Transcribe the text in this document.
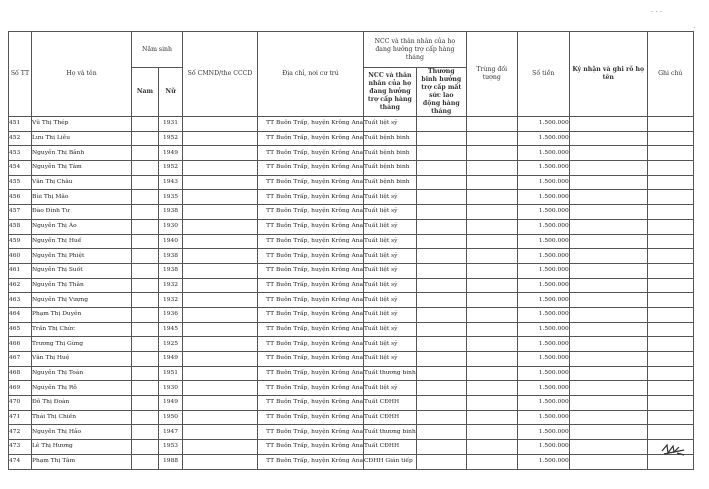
Số TT	Họ và tên	Năm sinh		Số CMND/the CCCD	Địa chỉ, nơi cư trú	NCC và thân nhân của họ đang hưởng trợ cấp hàng tháng		Trùng đối tượng	Số tiền	Ký nhận và ghi rõ họ tên	Ghi chú
		Nam	Nữ			NCC và thân nhân của họ đang hưởng trợ cấp hàng tháng	Thương binh hưởng trợ cấp mất sức lao động hàng tháng				
451	Vũ Thị Thép		1931		TT Buôn Trấp, huyện Krông Ana	Tuất liệt sỹ			1.500.000		
452	Lưu Thị Liễu		1952		TT Buôn Trấp, huyện Krông Ana	Tuất bệnh binh			1.500.000		
453	Nguyễn Thị Bảnh		1949		TT Buôn Trấp, huyện Krông Ana	Tuất bệnh binh			1.500.000		
454	Nguyễn Thị Tâm		1952		TT Buôn Trấp, huyện Krông Ana	Tuất bệnh binh			1.500.000		
455	Văn Thị Châu		1943		TT Buôn Trấp, huyện Krông Ana	Tuất bệnh binh			1.500.000		
456	Bùi Thị Mão		1935		TT Buôn Trấp, huyện Krông Ana	Tuất liệt sỹ			1.500.000		
457	Đào Đình Tư		1938		TT Buôn Trấp, huyện Krông Ana	Tuất liệt sỹ			1.500.000		
458	Nguyễn Thị Áo		1930		TT Buôn Trấp, huyện Krông Ana	Tuất liệt sỹ			1.500.000		
459	Nguyễn Thị Huế		1940		TT Buôn Trấp, huyện Krông Ana	Tuất liệt sỹ			1.500.000		
460	Nguyễn Thị Phiệt		1938		TT Buôn Trấp, huyện Krông Ana	Tuất liệt sỹ			1.500.000		
461	Nguyễn Thị Suốt		1938		TT Buôn Trấp, huyện Krông Ana	Tuất liệt sỹ			1.500.000		
462	Nguyễn Thị Thân		1932		TT Buôn Trấp, huyện Krông Ana	Tuất liệt sỹ			1.500.000		
463	Nguyễn Thị Vượng		1932		TT Buôn Trấp, huyện Krông Ana	Tuất liệt sỹ			1.500.000		
464	Phạm Thị Duyên		1936		TT Buôn Trấp, huyện Krông Ana	Tuất liệt sỹ			1.500.000		
465	Trần Thị Chức		1945		TT Buôn Trấp, huyện Krông Ana	Tuất liệt sỹ			1.500.000		
466	Trương Thị Gừng		1925		TT Buôn Trấp, huyện Krông Ana	Tuất liệt sỹ			1.500.000		
467	Văn Thị Huệ		1949		TT Buôn Trấp, huyện Krông Ana	Tuất liệt sỹ			1.500.000		
468	Nguyễn Thị Toàn		1951		TT Buôn Trấp, huyện Krông Ana	Tuất thương binh			1.500.000		
469	Nguyễn Thị Rỗ		1930		TT Buôn Trấp, huyện Krông Ana	Tuất liệt sỹ			1.500.000		
470	Đỗ Thị Đoàn		1949		TT Buôn Trấp, huyện Krông Ana	Tuất CĐHH			1.500.000		
471	Thái Thị Chiến		1950		TT Buôn Trấp, huyện Krông Ana	Tuất CĐHH			1.500.000		
472	Nguyễn Thị Hảo		1947		TT Buôn Trấp, huyện Krông Ana	Tuất thương binh			1.500.000		
473	Lê Thị Hương		1953		TT Buôn Trấp, huyện Krông Ana	Tuất CĐHH			1.500.000		
474	Phạm Thị Tâm		1988		TT Buôn Trấp, huyện Krông Ana	CĐHH Gián tiếp			1.500.000		
· · ·
·
